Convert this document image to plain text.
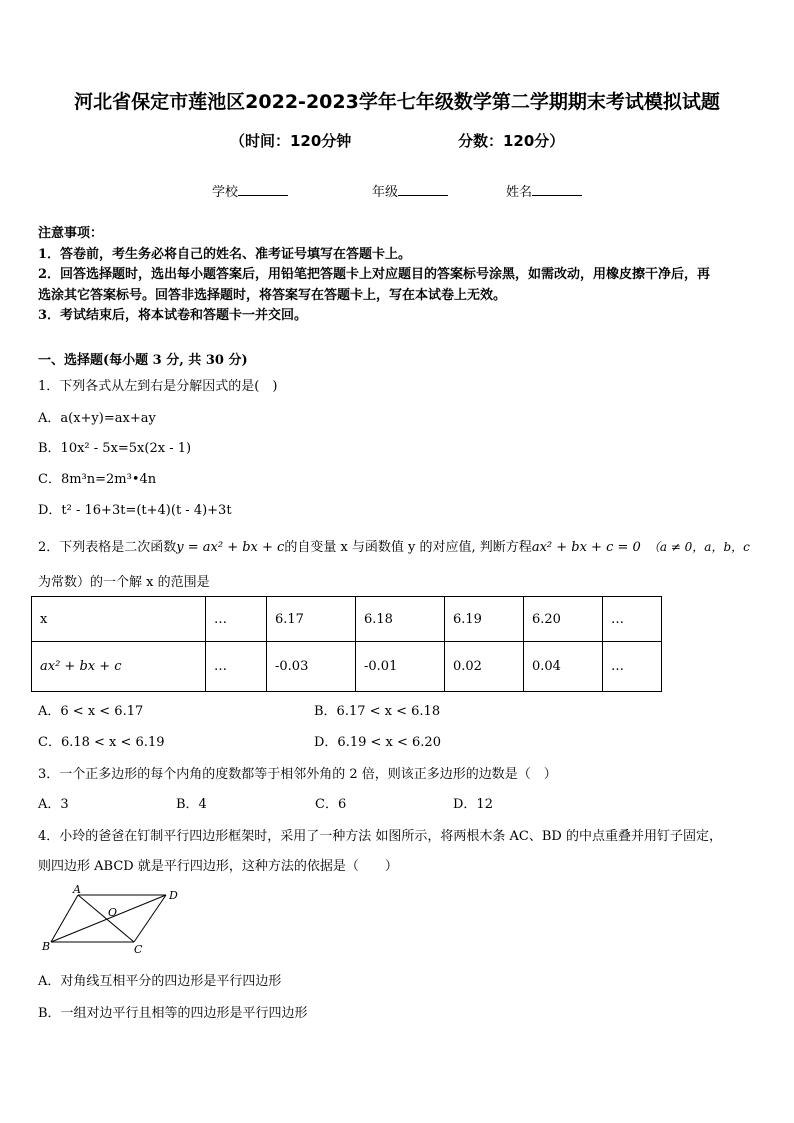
河北省保定市莲池区2022-2023学年七年级数学第二学期期末考试模拟试题
（时间：120分钟	分数：120分）
学校	年级	姓名
注意事项：
1．答卷前，考生务必将自己的姓名、准考证号填写在答题卡上。
2．回答选择题时，选出每小题答案后，用铅笔把答题卡上对应题目的答案标号涂黑，如需改动，用橡皮擦干净后，再
选涂其它答案标号。回答非选择题时，将答案写在答题卡上，写在本试卷上无效。
3．考试结束后，将本试卷和答题卡一并交回。
一、选择题(每小题 3 分, 共 30 分)
1．下列各式从左到右是分解因式的是(　)
A．a(x+y)=ax+ay
B．10x² - 5x=5x(2x - 1)
C．8m³n=2m³•4n
D．t² - 16+3t=(t+4)(t - 4)+3t
2．下列表格是二次函数y = ax² + bx + c的自变量 x 与函数值 y 的对应值, 判断方程ax² + bx + c = 0　 （a ≠ 0，a，b，c
为常数）的一个解 x 的范围是
x	…	6.17	6.18	6.19	6.20	…
ax² + bx + c	…	-0.03	-0.01	0.02	0.04	…
A．6 < x < 6.17	B．6.17 < x < 6.18
C．6.18 < x < 6.19	D．6.19 < x < 6.20
3．一个正多边形的每个内角的度数都等于相邻外角的 2 倍，则该正多边形的边数是（　）
A．3	B．4	C．6	D．12
4．小玲的爸爸在钉制平行四边形框架时，采用了一种方法 如图所示，将两根木条 AC、BD 的中点重叠并用钉子固定，
则四边形 ABCD 就是平行四边形，这种方法的依据是（　　）
A	D
B	C
O
A．对角线互相平分的四边形是平行四边形
B．一组对边平行且相等的四边形是平行四边形
